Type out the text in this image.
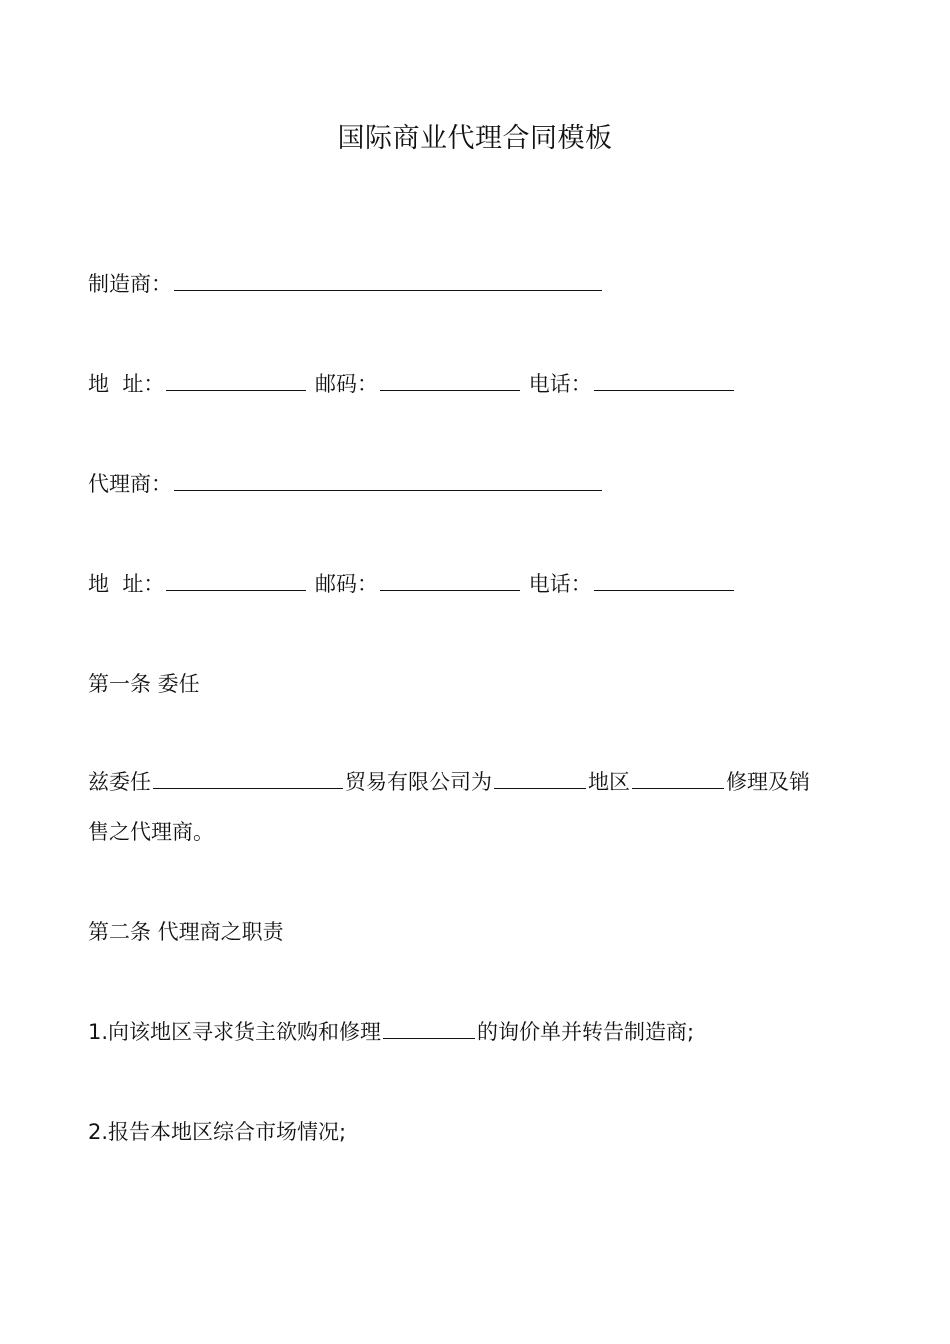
国际商业代理合同模板
制造商：
地  址：	邮码：	电话：
代理商：
地  址：	邮码：	电话：
第一条 委任
兹委任	贸易有限公司为	地区	修理及销
售之代理商。
第二条 代理商之职责
1.向该地区寻求货主欲购和修理	的询价单并转告制造商;
2.报告本地区综合市场情况;
